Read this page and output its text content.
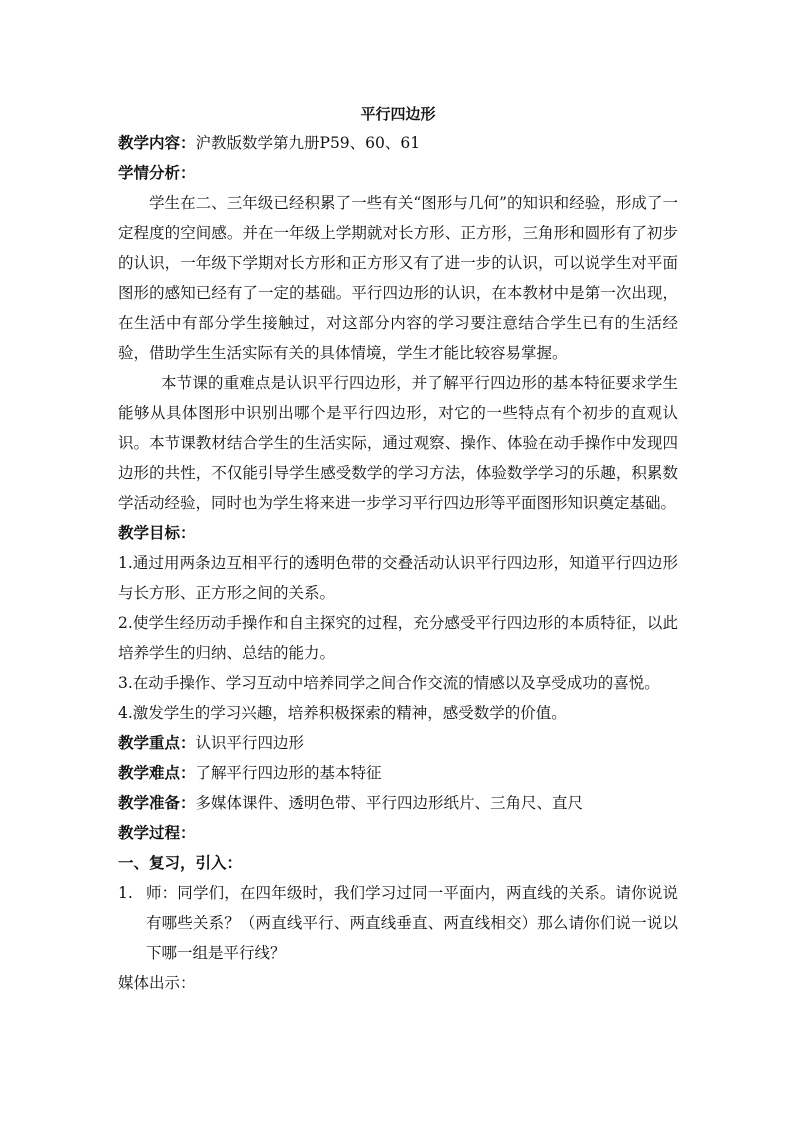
平行四边形
教学内容：沪教版数学第九册P59、60、61
学情分析：
学生在二、三年级已经积累了一些有关“图形与几何”的知识和经验，形成了一定程度的空间感。并在一年级上学期就对长方形、正方形，三角形和圆形有了初步的认识，一年级下学期对长方形和正方形又有了进一步的认识，可以说学生对平面图形的感知已经有了一定的基础。平行四边形的认识，在本教材中是第一次出现，在生活中有部分学生接触过，对这部分内容的学习要注意结合学生已有的生活经验，借助学生生活实际有关的具体情境，学生才能比较容易掌握。
本节课的重难点是认识平行四边形，并了解平行四边形的基本特征要求学生能够从具体图形中识别出哪个是平行四边形，对它的一些特点有个初步的直观认识。本节课教材结合学生的生活实际，通过观察、操作、体验在动手操作中发现四边形的共性，不仅能引导学生感受数学的学习方法，体验数学学习的乐趣，积累数学活动经验，同时也为学生将来进一步学习平行四边形等平面图形知识奠定基础。
教学目标：
1.通过用两条边互相平行的透明色带的交叠活动认识平行四边形，知道平行四边形与长方形、正方形之间的关系。
2.使学生经历动手操作和自主探究的过程，充分感受平行四边形的本质特征，以此培养学生的归纳、总结的能力。
3.在动手操作、学习互动中培养同学之间合作交流的情感以及享受成功的喜悦。
4.激发学生的学习兴趣，培养积极探索的精神，感受数学的价值。
教学重点：认识平行四边形
教学难点：了解平行四边形的基本特征
教学准备：多媒体课件、透明色带、平行四边形纸片、三角尺、直尺
教学过程：
一、复习，引入：
1. 师：同学们，在四年级时，我们学习过同一平面内，两直线的关系。请你说说有哪些关系？（两直线平行、两直线垂直、两直线相交）那么请你们说一说以下哪一组是平行线？
媒体出示：
